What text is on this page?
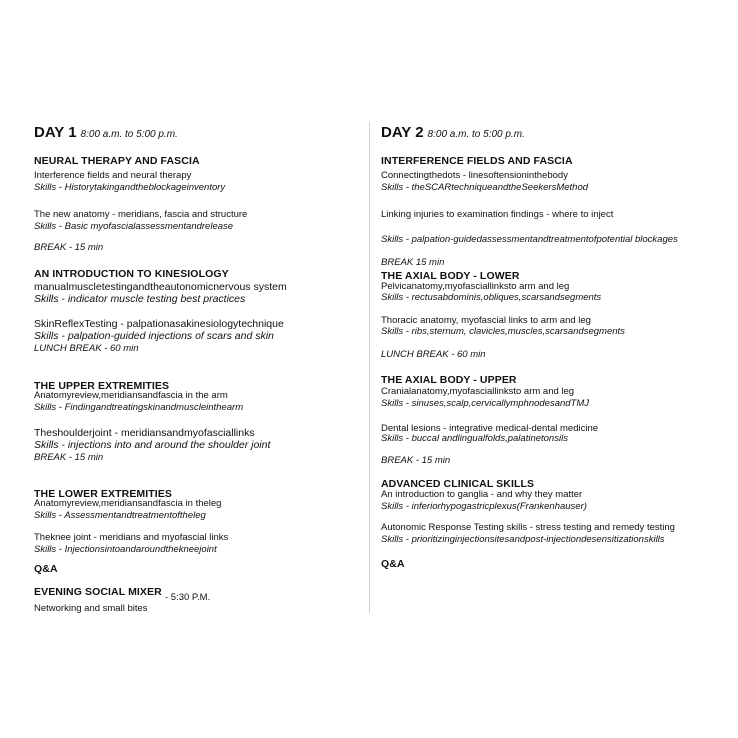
DAY 1 8:00 a.m. to 5:00 p.m.
NEURAL THERAPY AND FASCIA
Interference fields and neural therapy
Skills - Historytakingandtheblockageinventory
The new anatomy - meridians, fascia and structure
Skills - Basic myofascialassessmentandrelease
BREAK - 15 min
AN INTRODUCTION TO KINESIOLOGY
manualmuscletestingandtheautonomicnervous system
Skills - indicator muscle testing best practices
SkinReflexTesting - palpationasakinesiologytechnique
Skills - palpation-guided injections of scars and skin
LUNCH BREAK - 60 min
THE UPPER EXTREMITIES
Anatomyreview,meridiansandfascia in the arm
Skills - Findingandtreatingskinandmuscleinthearm
Theshoulderjoint - meridiansandmyofasciallinks
Skills - injections into and around the shoulder joint
BREAK - 15 min
THE LOWER EXTREMITIES
Anatomyreview,meridiansandfascia in theleg
Skills - Assessmentandtreatmentoftheleg
Theknee joint - meridians and myofascial links
Skills - Injectionsintoandaroundthekneejoint
Q&A
EVENING SOCIAL MIXER - 5:30 P.M.
Networking and small bites
DAY 2 8:00 a.m. to 5:00 p.m.
INTERFERENCE FIELDS AND FASCIA
Connectingthedots - linesoftensioninthebody
Skills - theSCARtechniqueandtheSeekersMethod
Linking injuries to examination findings - where to inject
Skills - palpation-guidedassessmentandtreatmentofpotential blockages
BREAK 15 min
THE AXIAL BODY - LOWER
Pelvicanatomy,myofasciallinksto arm and leg
Skills - rectusabdominis,obliques,scarsandsegments
Thoracic anatomy, myofascial links to arm and leg
Skills - ribs,sternum, clavicles,muscles,scarsandsegments
LUNCH BREAK - 60 min
THE AXIAL BODY - UPPER
Cranialanatomy,myofasciallinksto arm and leg
Skills - sinuses,scalp,cervicallymphnodesandTMJ
Dental lesions - integrative medical-dental medicine
Skills - buccal andlingualfolds,palatinetonsils
BREAK - 15 min
ADVANCED CLINICAL SKILLS
An introduction to ganglia - and why they matter
Skills - inferiorhypogastricplexus(Frankenhauser)
Autonomic Response Testing skills - stress testing and remedy testing
Skills - prioritizinginjectionsitesandpost-injectiondesensitizationskills
Q&A
